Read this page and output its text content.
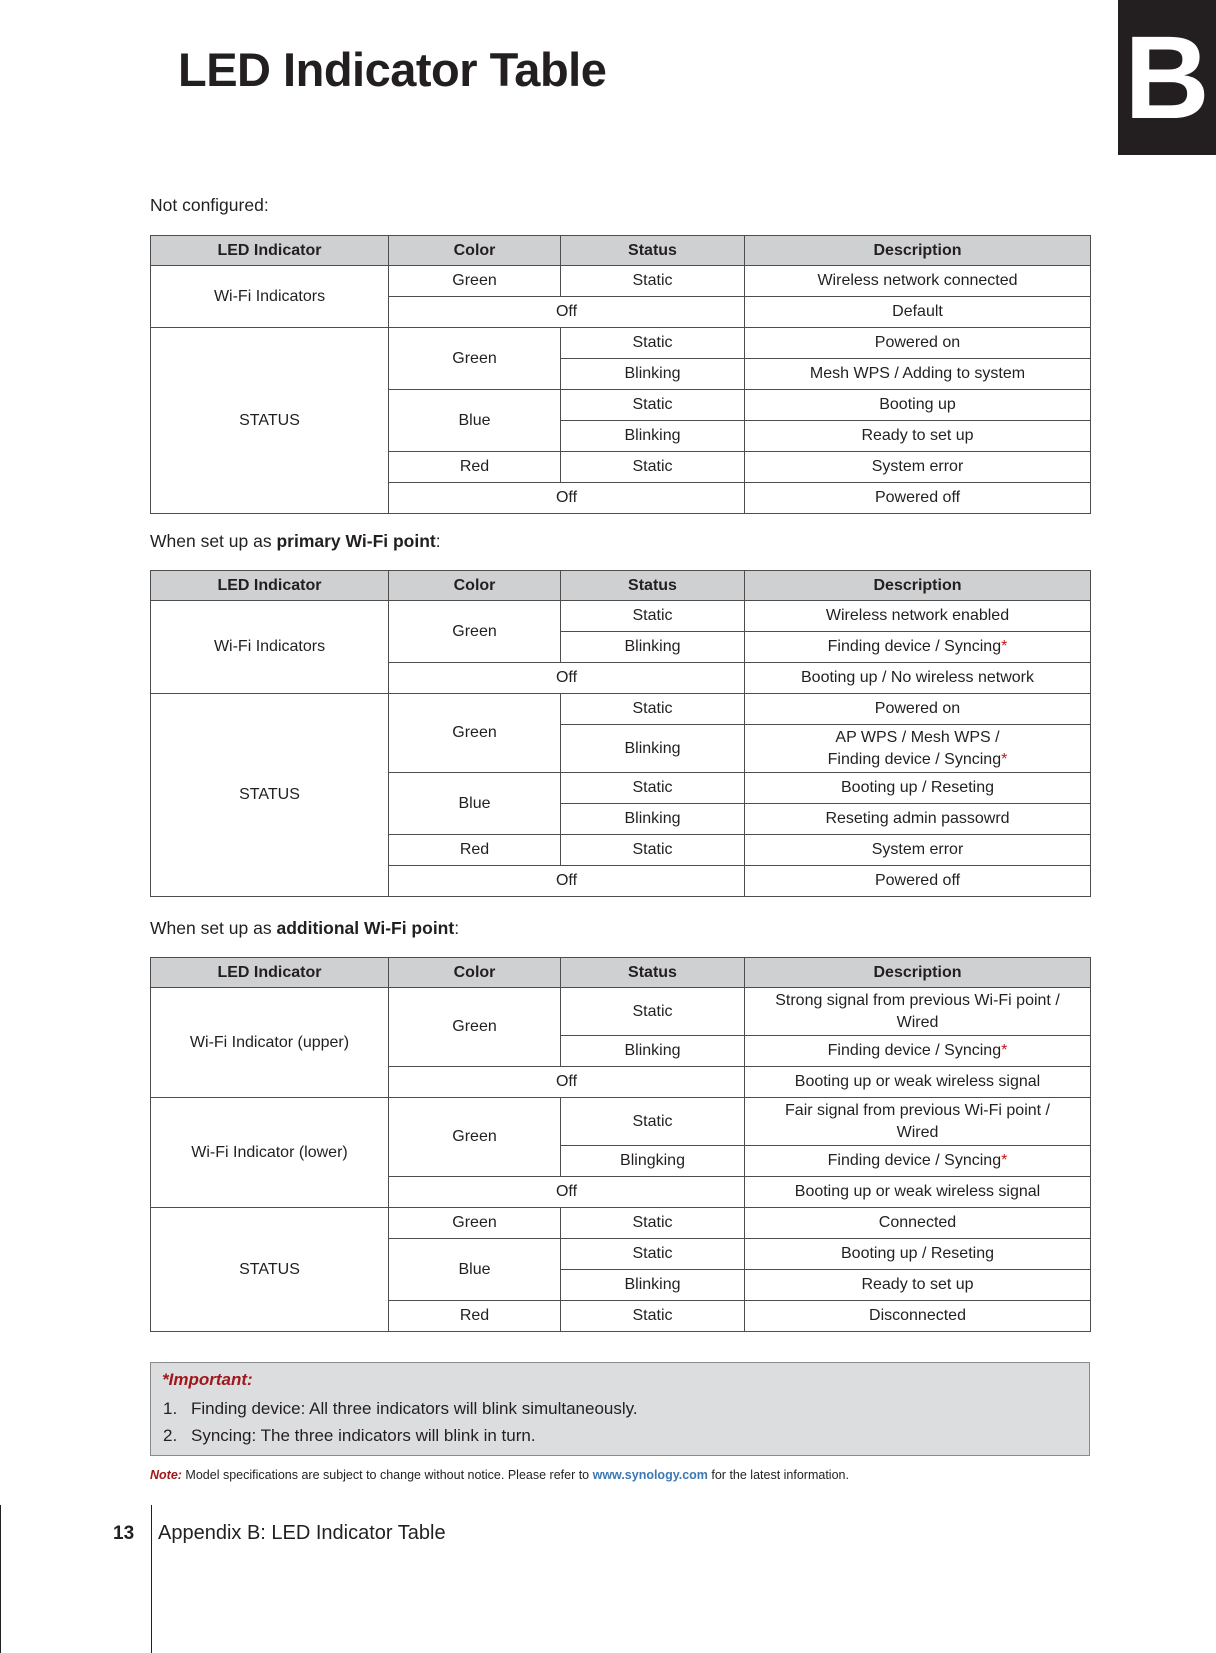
LED Indicator Table	B
Not configured:
LED Indicator	Color	Status	Description
Wi-Fi Indicators	Green	Static	Wireless network connected
	Off		Default
STATUS	Green	Static	Powered on
		Blinking	Mesh WPS / Adding to system
	Blue	Static	Booting up
		Blinking	Ready to set up
	Red	Static	System error
	Off		Powered off
When set up as primary Wi-Fi point:
LED Indicator	Color	Status	Description
Wi-Fi Indicators	Green	Static	Wireless network enabled
		Blinking	Finding device / Syncing*
	Off		Booting up / No wireless network
STATUS	Green	Static	Powered on
		Blinking	AP WPS / Mesh WPS /
Finding device / Syncing*
	Blue	Static	Booting up / Reseting
		Blinking	Reseting admin passowrd
	Red	Static	System error
	Off		Powered off
When set up as additional Wi-Fi point:
LED Indicator	Color	Status	Description
Wi-Fi Indicator (upper)	Green	Static	Strong signal from previous Wi-Fi point /
Wired
		Blinking	Finding device / Syncing*
	Off		Booting up or weak wireless signal
Wi-Fi Indicator (lower)	Green	Static	Fair signal from previous Wi-Fi point /
Wired
		Blingking	Finding device / Syncing*
	Off		Booting up or weak wireless signal
STATUS	Green	Static	Connected
	Blue	Static	Booting up / Reseting
		Blinking	Ready to set up
	Red	Static	Disconnected
*Important:
1. Finding device: All three indicators will blink simultaneously.
2. Syncing: The three indicators will blink in turn.
Note: Model specifications are subject to change without notice. Please refer to www.synology.com for the latest information.
13 Appendix B: LED Indicator Table
